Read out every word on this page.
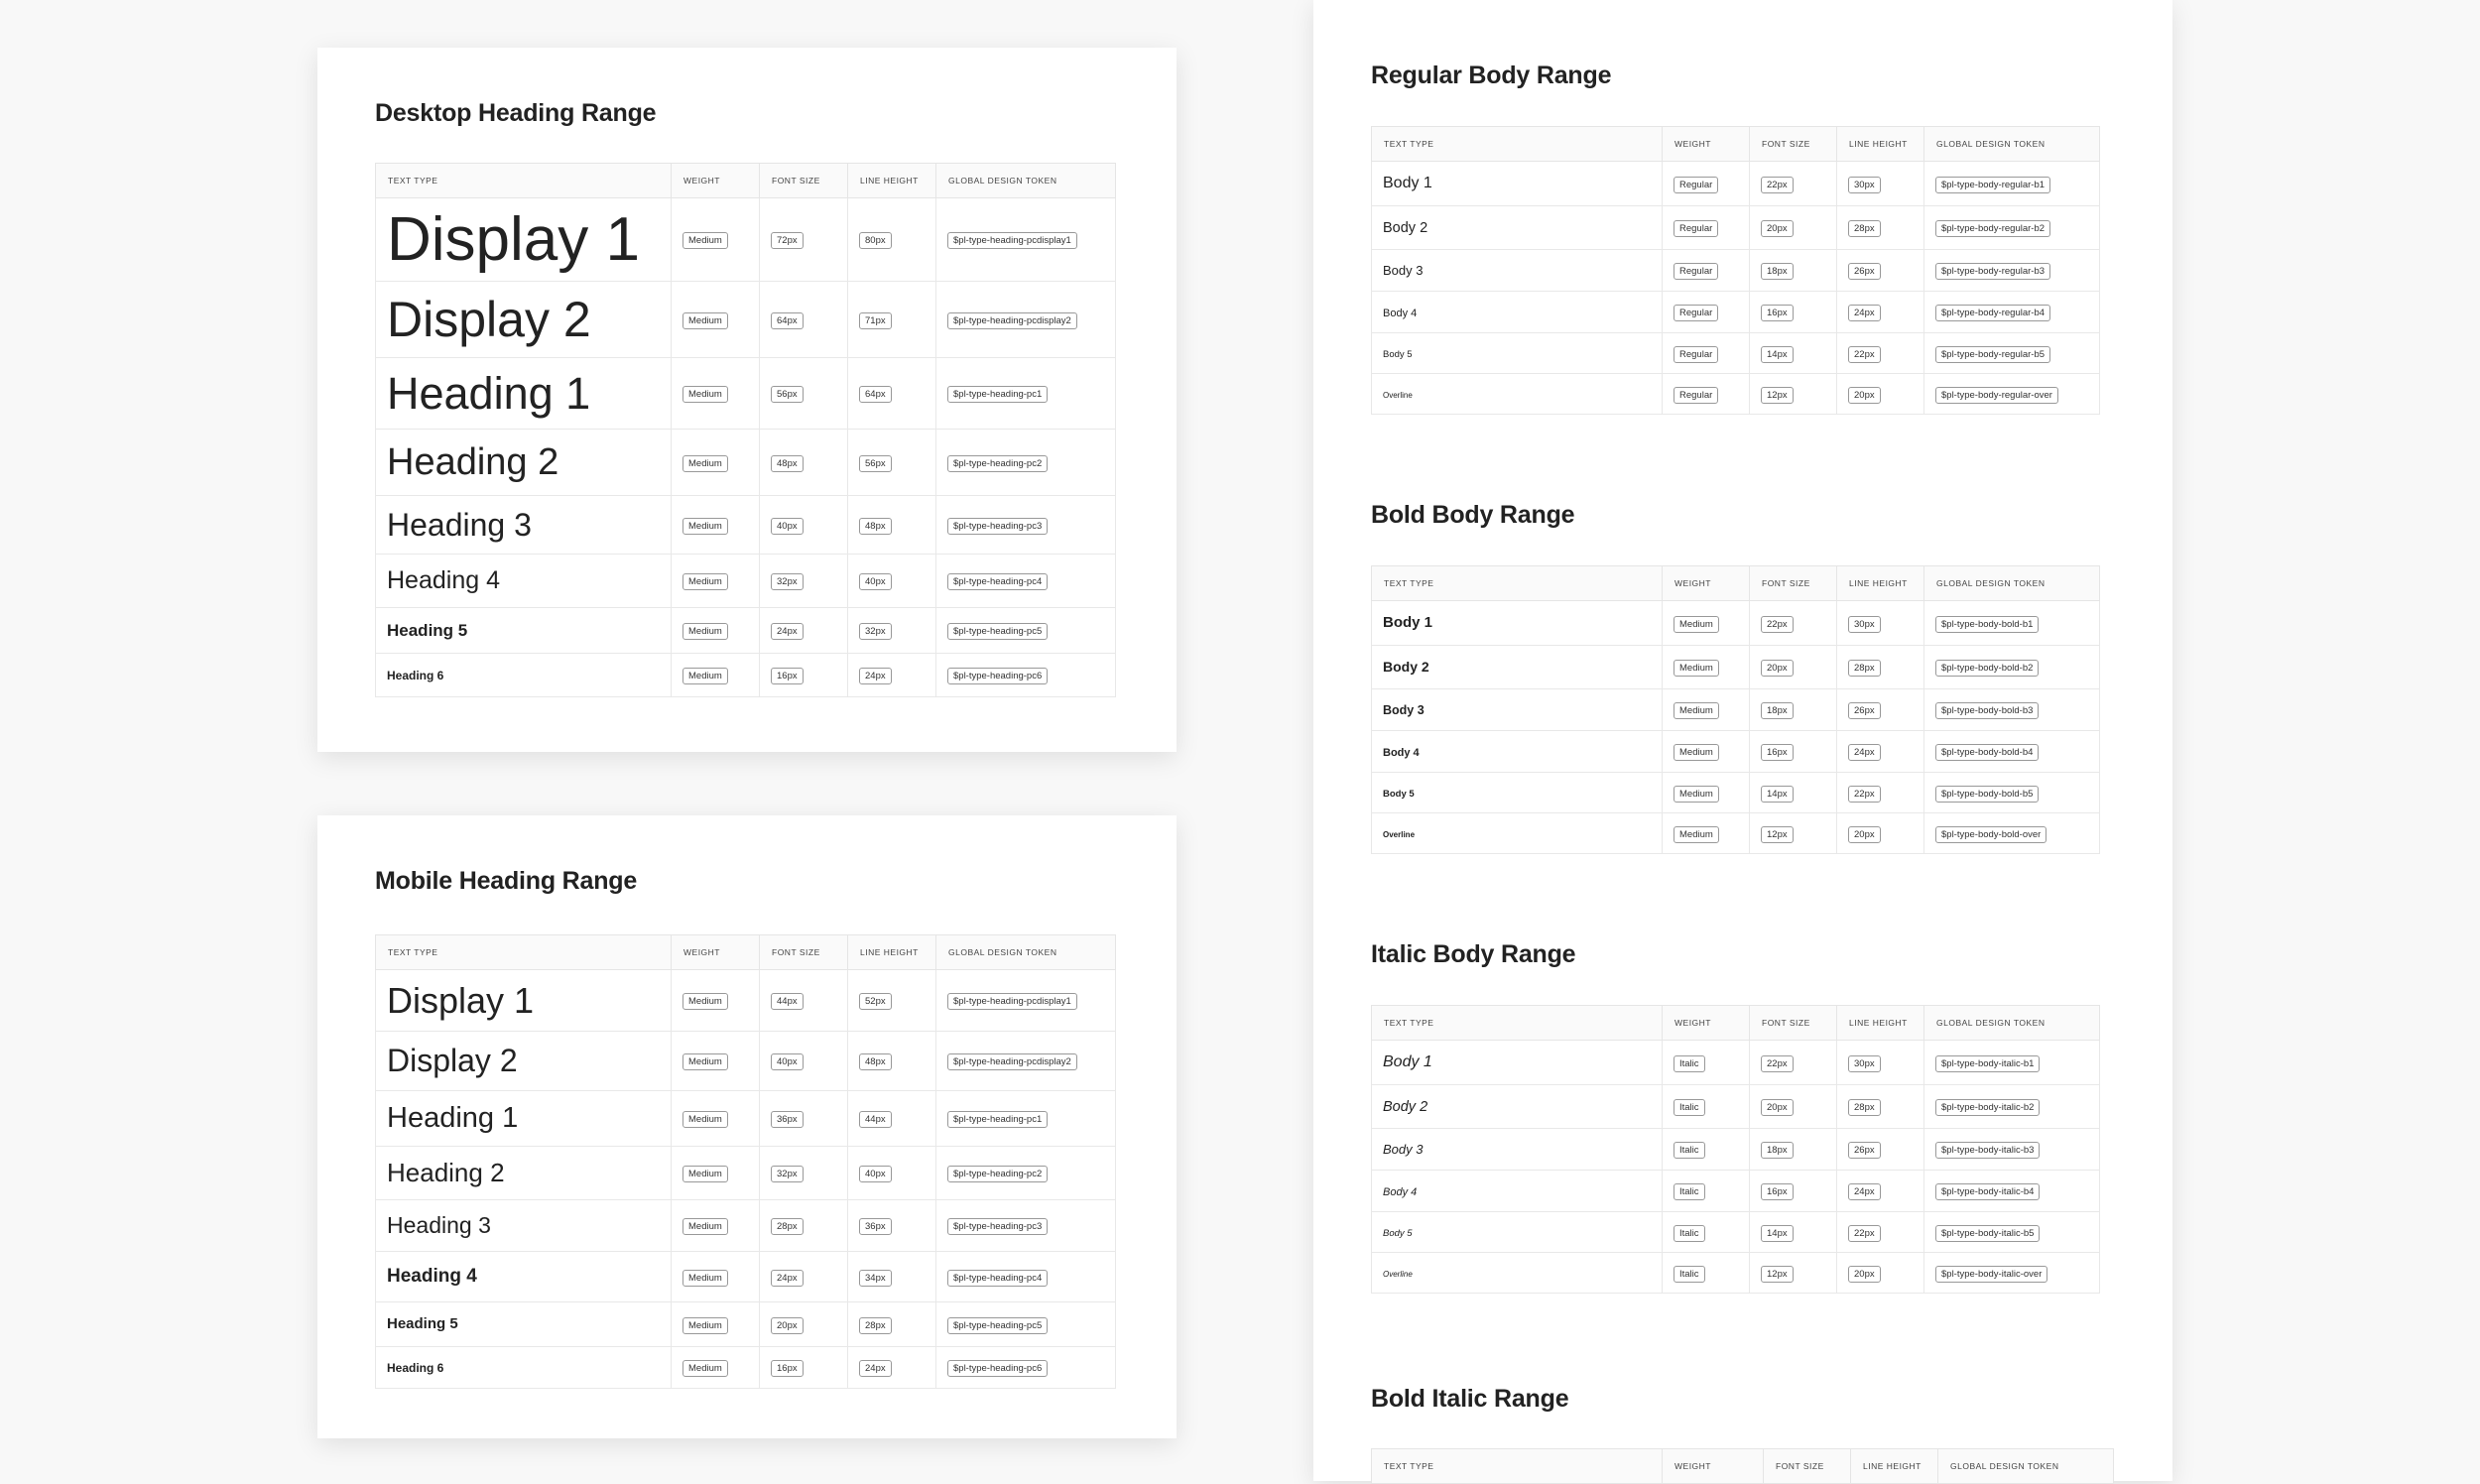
Desktop Heading Range
TEXT TYPE	WEIGHT	FONT SIZE	LINE HEIGHT	GLOBAL DESIGN TOKEN
Display 1	Medium	72px	80px	$pl-type-heading-pcdisplay1
Display 2	Medium	64px	71px	$pl-type-heading-pcdisplay2
Heading 1	Medium	56px	64px	$pl-type-heading-pc1
Heading 2	Medium	48px	56px	$pl-type-heading-pc2
Heading 3	Medium	40px	48px	$pl-type-heading-pc3
Heading 4	Medium	32px	40px	$pl-type-heading-pc4
Heading 5	Medium	24px	32px	$pl-type-heading-pc5
Heading 6	Medium	16px	24px	$pl-type-heading-pc6
Mobile Heading Range
TEXT TYPE	WEIGHT	FONT SIZE	LINE HEIGHT	GLOBAL DESIGN TOKEN
Display 1	Medium	44px	52px	$pl-type-heading-pcdisplay1
Display 2	Medium	40px	48px	$pl-type-heading-pcdisplay2
Heading 1	Medium	36px	44px	$pl-type-heading-pc1
Heading 2	Medium	32px	40px	$pl-type-heading-pc2
Heading 3	Medium	28px	36px	$pl-type-heading-pc3
Heading 4	Medium	24px	34px	$pl-type-heading-pc4
Heading 5	Medium	20px	28px	$pl-type-heading-pc5
Heading 6	Medium	16px	24px	$pl-type-heading-pc6
Regular Body Range
TEXT TYPE	WEIGHT	FONT SIZE	LINE HEIGHT	GLOBAL DESIGN TOKEN
Body 1	Regular	22px	30px	$pl-type-body-regular-b1
Body 2	Regular	20px	28px	$pl-type-body-regular-b2
Body 3	Regular	18px	26px	$pl-type-body-regular-b3
Body 4	Regular	16px	24px	$pl-type-body-regular-b4
Body 5	Regular	14px	22px	$pl-type-body-regular-b5
Overline	Regular	12px	20px	$pl-type-body-regular-over
Bold Body Range
TEXT TYPE	WEIGHT	FONT SIZE	LINE HEIGHT	GLOBAL DESIGN TOKEN
Body 1	Medium	22px	30px	$pl-type-body-bold-b1
Body 2	Medium	20px	28px	$pl-type-body-bold-b2
Body 3	Medium	18px	26px	$pl-type-body-bold-b3
Body 4	Medium	16px	24px	$pl-type-body-bold-b4
Body 5	Medium	14px	22px	$pl-type-body-bold-b5
Overline	Medium	12px	20px	$pl-type-body-bold-over
Italic Body Range
TEXT TYPE	WEIGHT	FONT SIZE	LINE HEIGHT	GLOBAL DESIGN TOKEN
Body 1	Italic	22px	30px	$pl-type-body-italic-b1
Body 2	Italic	20px	28px	$pl-type-body-italic-b2
Body 3	Italic	18px	26px	$pl-type-body-italic-b3
Body 4	Italic	16px	24px	$pl-type-body-italic-b4
Body 5	Italic	14px	22px	$pl-type-body-italic-b5
Overline	Italic	12px	20px	$pl-type-body-italic-over
Bold Italic Range
TEXT TYPE	WEIGHT	FONT SIZE	LINE HEIGHT	GLOBAL DESIGN TOKEN
